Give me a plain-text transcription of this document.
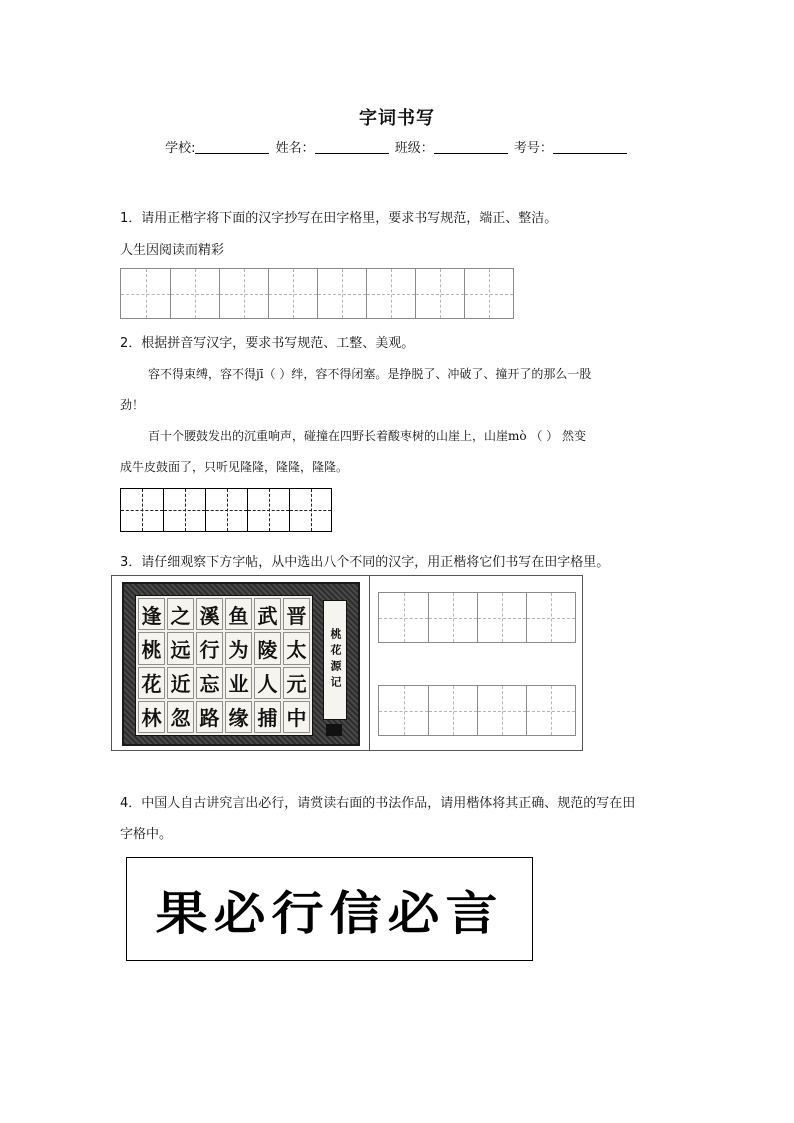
字词书写
学校:	姓名：	班级：	考号：
1．请用正楷字将下面的汉字抄写在田字格里，要求书写规范，端正、整洁。
人生因阅读而精彩
2．根据拼音写汉字，要求书写规范、工整、美观。
容不得束缚，容不得jī（ ）绊，容不得闭塞。是挣脱了、冲破了、撞开了的那么一股
劲！
百十个腰鼓发出的沉重响声，碰撞在四野长着酸枣树的山崖上，山崖mò （ ） 然变
成牛皮鼓面了，只听见隆隆，隆隆，隆隆。
3．请仔细观察下方字帖，从中选出八个不同的汉字，用正楷将它们书写在田字格里。
逢 之 溪 鱼 武 晋
桃 远 行 为 陵 太
花 近 忘 业 人 元
林 忽 路 缘 捕 中
桃花源记
4．中国人自古讲究言出必行，请赏读右面的书法作品，请用楷体将其正确、规范的写在田
字格中。
果必行信必言
